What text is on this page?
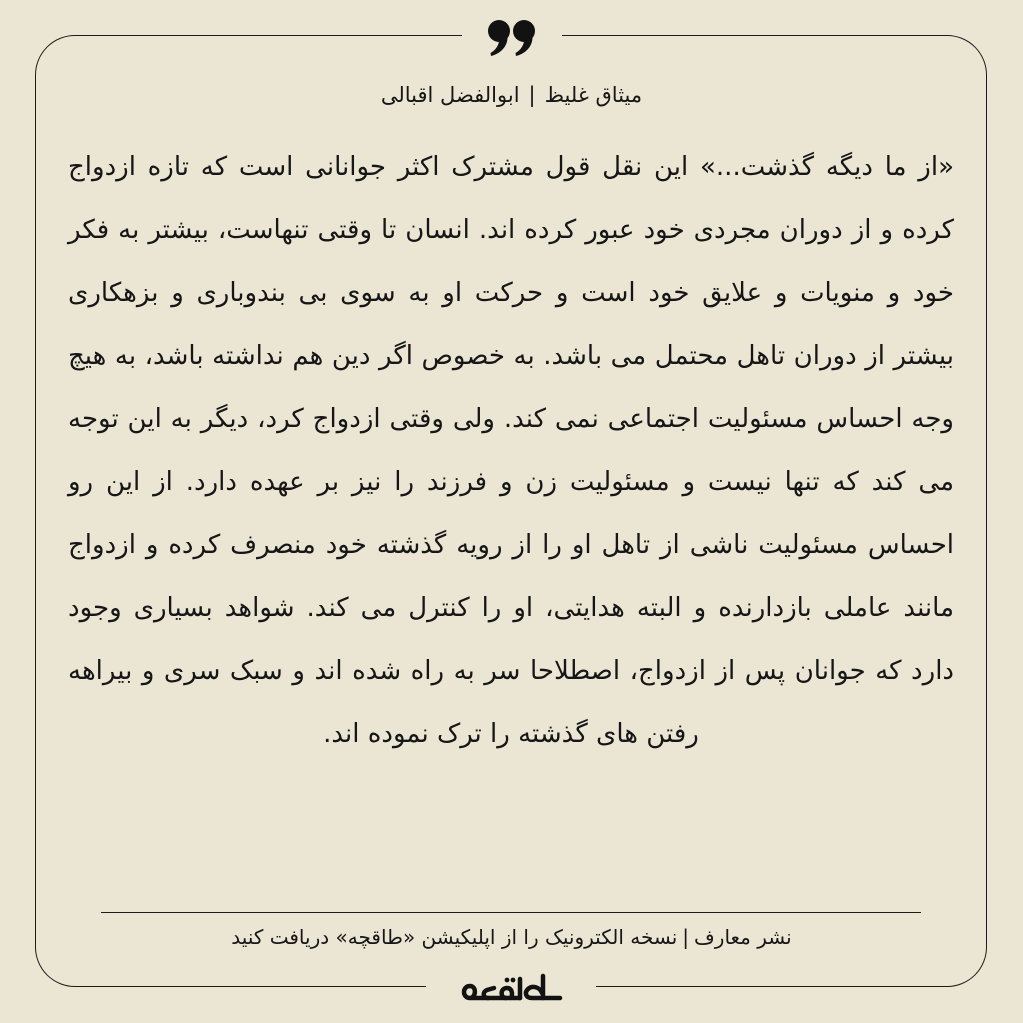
میثاق غلیظ|ابوالفضل اقبالی

«از ما دیگه گذشت...» این نقل قول مشترک اکثر جوانانی است که تازه ازدواج کرده و از دوران مجردی خود عبور کرده اند. انسان تا وقتی تنهاست، بیشتر به فکر خود و منویات و علایق خود است و حرکت او به سوی بی بندوباری و بزهکاری بیشتر از دوران تاهل محتمل می باشد. به خصوص اگر دین هم نداشته باشد، به هیچ وجه احساس مسئولیت اجتماعی نمی کند. ولی وقتی ازدواج کرد، دیگر به این توجه می کند که تنها نیست و مسئولیت زن و فرزند را نیز بر عهده دارد. از این رو احساس مسئولیت ناشی از تاهل او را از رویه گذشته خود منصرف کرده و ازدواج مانند عاملی بازدارنده و البته هدایتی، او را کنترل می کند. شواهد بسیاری وجود دارد که جوانان پس از ازدواج، اصطلاحا سر به راه شده اند و سبک سری و بیراهه رفتن های گذشته را ترک نموده اند.

نشر معارف|نسخه الکترونیک را از اپلیکیشن «طاقچه» دریافت کنید
